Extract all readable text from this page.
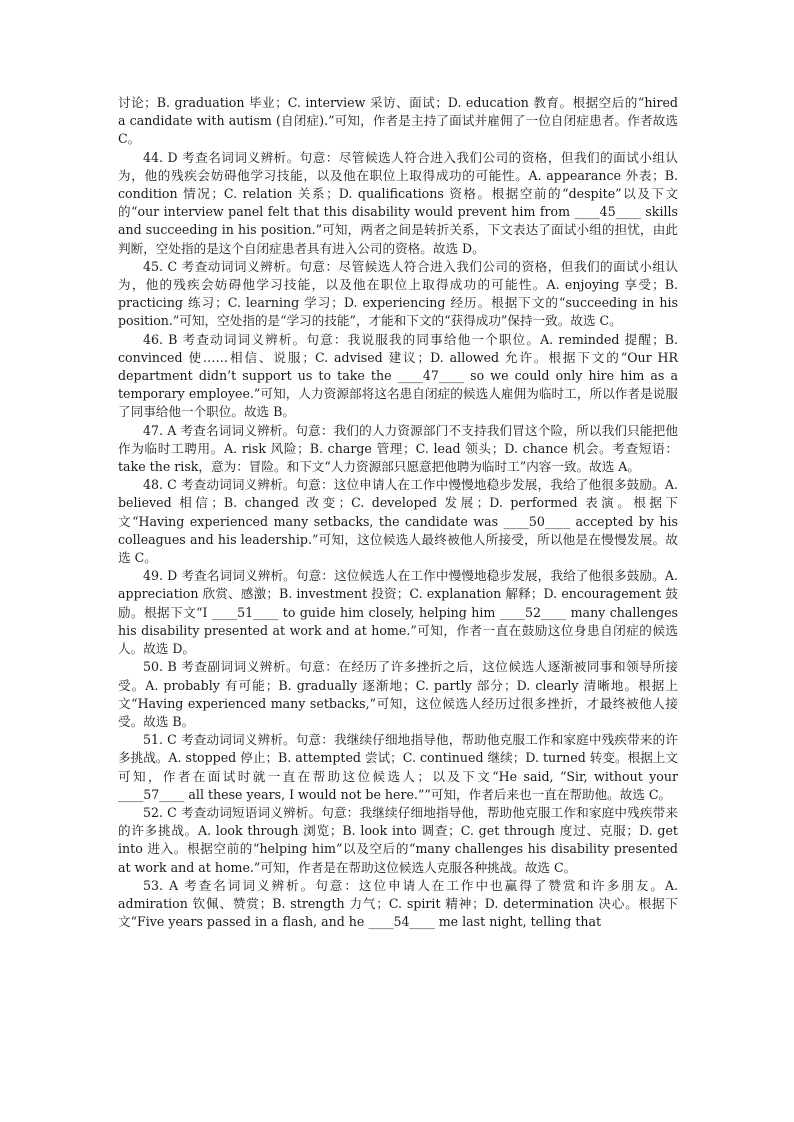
讨论；B. graduation 毕业；C. interview 采访、面试；D. education 教育。根据空后的“hired a candidate with autism (自闭症).”可知，作者是主持了面试并雇佣了一位自闭症患者。作者故选 C。

44. D 考查名词词义辨析。句意：尽管候选人符合进入我们公司的资格，但我们的面试小组认为，他的残疾会妨碍他学习技能，以及他在职位上取得成功的可能性。A. appearance 外表；B. condition 情况；C. relation 关系；D. qualifications 资格。根据空前的“despite”以及下文的“our interview panel felt that this disability would prevent him from ____45____ skills and succeeding in his position.”可知，两者之间是转折关系，下文表达了面试小组的担忧，由此判断，空处指的是这个自闭症患者具有进入公司的资格。故选 D。

45. C 考查动词词义辨析。句意：尽管候选人符合进入我们公司的资格，但我们的面试小组认为，他的残疾会妨碍他学习技能，以及他在职位上取得成功的可能性。A. enjoying 享受；B. practicing 练习；C. learning 学习；D. experiencing 经历。根据下文的“succeeding in his position.”可知，空处指的是“学习的技能”，才能和下文的“获得成功”保持一致。故选 C。

46. B 考查动词词义辨析。句意：我说服我的同事给他一个职位。A. reminded 提醒；B. convinced 使……相信、说服；C. advised 建议；D. allowed 允许。根据下文的“Our HR department didn’t support us to take the ____47____ so we could only hire him as a temporary employee.”可知，人力资源部将这名患自闭症的候选人雇佣为临时工，所以作者是说服了同事给他一个职位。故选 B。

47. A 考查名词词义辨析。句意：我们的人力资源部门不支持我们冒这个险，所以我们只能把他作为临时工聘用。A. risk 风险；B. charge 管理；C. lead 领头；D. chance 机会。考查短语：take the risk，意为：冒险。和下文“人力资源部只愿意把他聘为临时工”内容一致。故选 A。

48. C 考查动词词义辨析。句意：这位申请人在工作中慢慢地稳步发展，我给了他很多鼓励。A. believed 相信；B. changed 改变；C. developed 发展；D. performed 表演。根据下文“Having experienced many setbacks, the candidate was ____50____ accepted by his colleagues and his leadership.”可知，这位候选人最终被他人所接受，所以他是在慢慢发展。故选 C。

49. D 考查名词词义辨析。句意：这位候选人在工作中慢慢地稳步发展，我给了他很多鼓励。A. appreciation 欣赏、感激；B. investment 投资；C. explanation 解释；D. encouragement 鼓励。根据下文“I ____51____ to guide him closely, helping him ____52____ many challenges his disability presented at work and at home.”可知，作者一直在鼓励这位身患自闭症的候选人。故选 D。

50. B 考查副词词义辨析。句意：在经历了许多挫折之后，这位候选人逐渐被同事和领导所接受。A. probably 有可能；B. gradually 逐渐地；C. partly 部分；D. clearly 清晰地。根据上文“Having experienced many setbacks,”可知，这位候选人经历过很多挫折，才最终被他人接受。故选 B。

51. C 考查动词词义辨析。句意：我继续仔细地指导他，帮助他克服工作和家庭中残疾带来的许多挑战。A. stopped 停止；B. attempted 尝试；C. continued 继续；D. turned 转变。根据上文可知，作者在面试时就一直在帮助这位候选人；以及下文“He said, “Sir, without your ____57____ all these years, I would not be here.””可知，作者后来也一直在帮助他。故选 C。

52. C 考查动词短语词义辨析。句意：我继续仔细地指导他，帮助他克服工作和家庭中残疾带来的许多挑战。A. look through 浏览；B. look into 调查；C. get through 度过、克服；D. get into 进入。根据空前的“helping him”以及空后的“many challenges his disability presented at work and at home.”可知，作者是在帮助这位候选人克服各种挑战。故选 C。

53. A 考查名词词义辨析。句意：这位申请人在工作中也赢得了赞赏和许多朋友。A. admiration 钦佩、赞赏；B. strength 力气；C. spirit 精神；D. determination 决心。根据下文“Five years passed in a flash, and he ____54____ me last night, telling that
